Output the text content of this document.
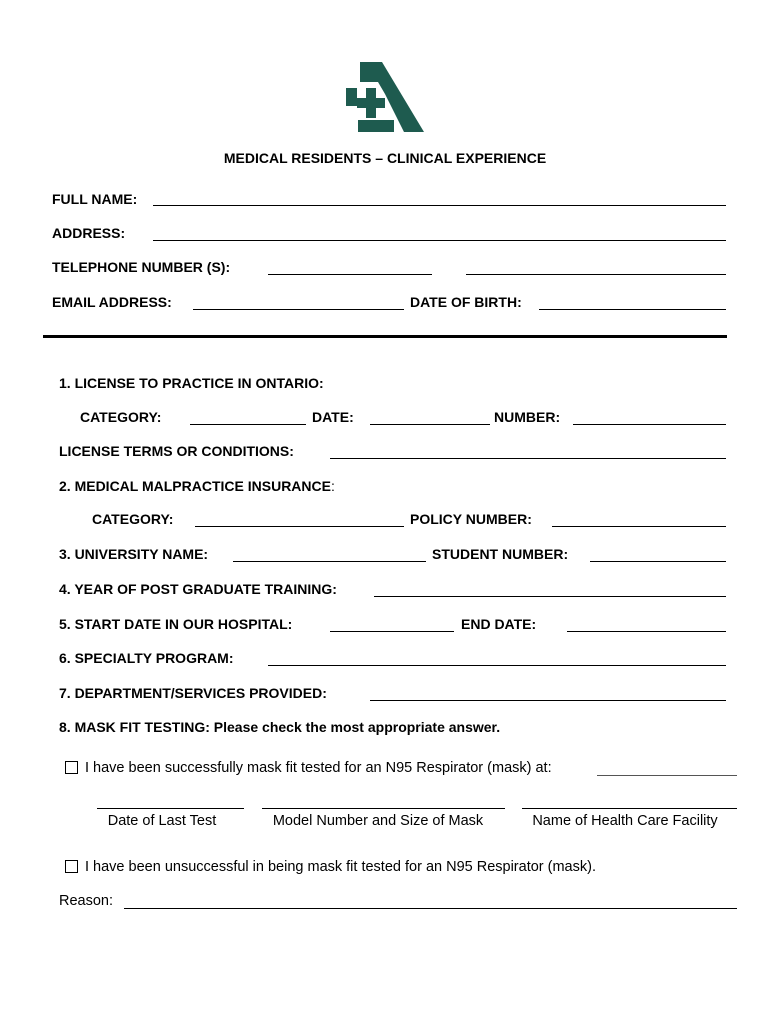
MEDICAL RESIDENTS – CLINICAL EXPERIENCE
FULL NAME:
ADDRESS:
TELEPHONE NUMBER (S):
EMAIL ADDRESS:	DATE OF BIRTH:
1. LICENSE TO PRACTICE IN ONTARIO:
CATEGORY:	DATE:	NUMBER:
LICENSE TERMS OR CONDITIONS:
2. MEDICAL MALPRACTICE INSURANCE:
CATEGORY:	POLICY NUMBER:
3. UNIVERSITY NAME:	STUDENT NUMBER:
4. YEAR OF POST GRADUATE TRAINING:
5. START DATE IN OUR HOSPITAL:	END DATE:
6. SPECIALTY PROGRAM:
7. DEPARTMENT/SERVICES PROVIDED:
8. MASK FIT TESTING: Please check the most appropriate answer.
I have been successfully mask fit tested for an N95 Respirator (mask) at:
Date of Last Test	Model Number and Size of Mask	Name of Health Care Facility
I have been unsuccessful in being mask fit tested for an N95 Respirator (mask).
Reason:
